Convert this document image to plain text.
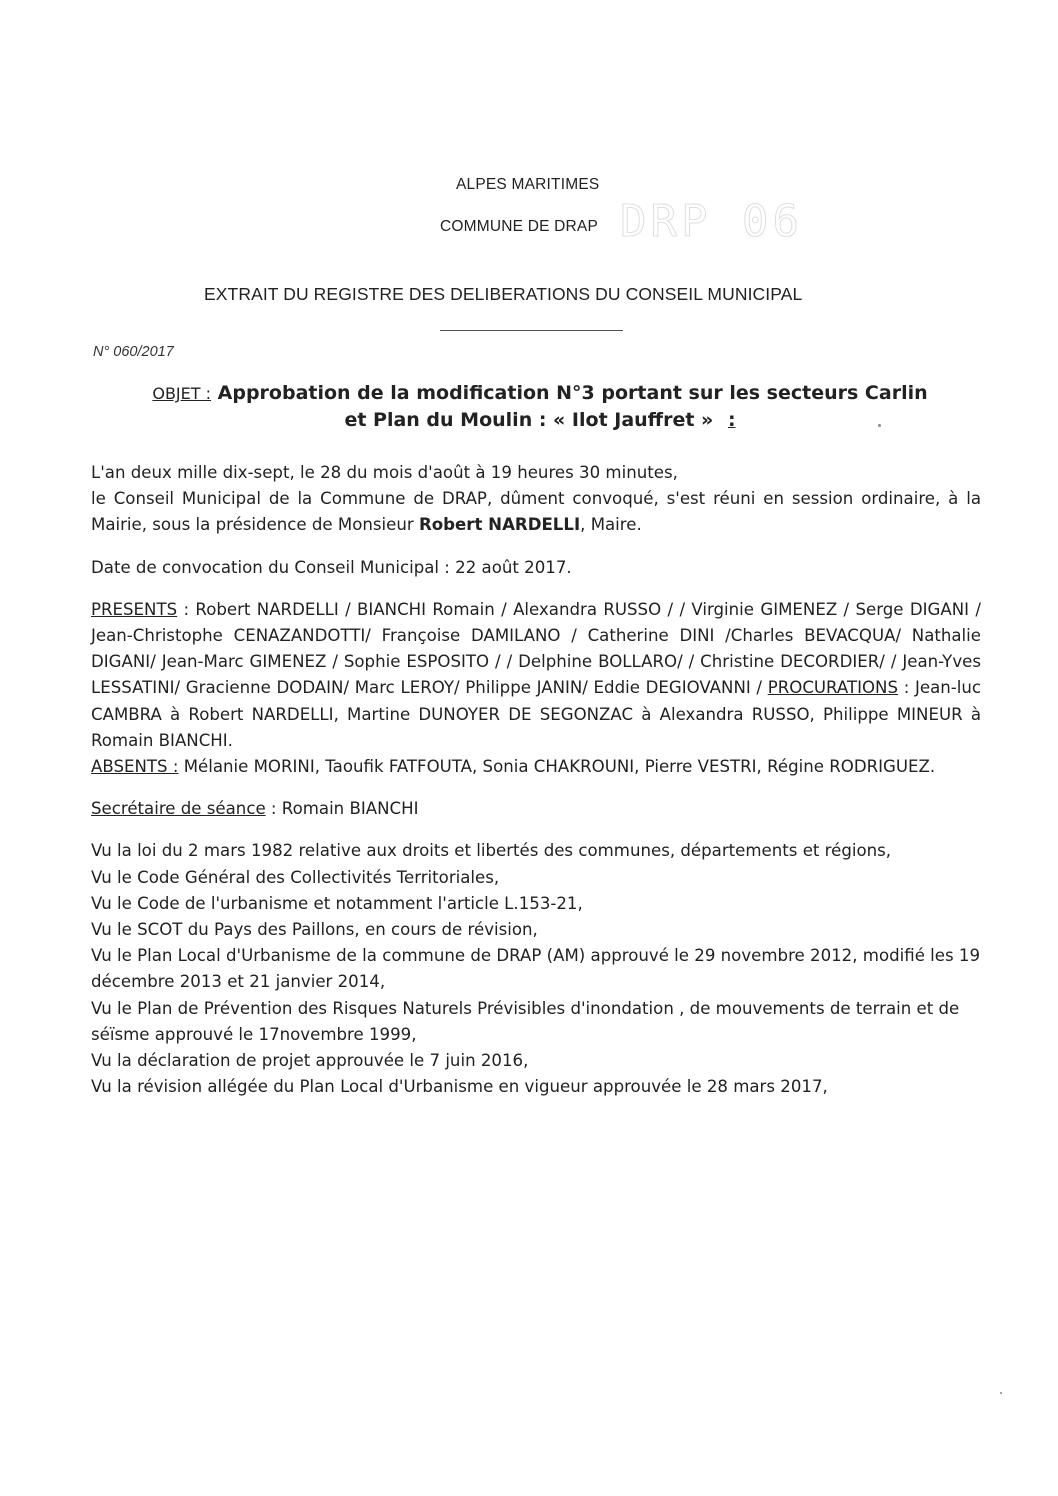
ALPES MARITIMES
COMMUNE DE DRAP DRP 06
EXTRAIT DU REGISTRE DES DELIBERATIONS DU CONSEIL MUNICIPAL
N° 060/2017
OBJET : Approbation de la modification N°3 portant sur les secteurs Carlin
et Plan du Moulin : « Ilot Jauffret » :

L'an deux mille dix-sept, le 28 du mois d'août à 19 heures 30 minutes,

le Conseil Municipal de la Commune de DRAP, dûment convoqué, s'est réuni en session ordinaire, à la Mairie, sous la présidence de Monsieur Robert NARDELLI, Maire.

Date de convocation du Conseil Municipal : 22 août 2017.

PRESENTS : Robert NARDELLI / BIANCHI Romain / Alexandra RUSSO / / Virginie GIMENEZ / Serge DIGANI / Jean-Christophe CENAZANDOTTI/ Françoise DAMILANO / Catherine DINI /Charles BEVACQUA/ Nathalie DIGANI/ Jean-Marc GIMENEZ / Sophie ESPOSITO / / Delphine BOLLARO/ / Christine DECORDIER/ / Jean-Yves LESSATINI/ Gracienne DODAIN/ Marc LEROY/ Philippe JANIN/ Eddie DEGIOVANNI / PROCURATIONS : Jean-luc CAMBRA à Robert NARDELLI, Martine DUNOYER DE SEGONZAC à Alexandra RUSSO, Philippe MINEUR à Romain BIANCHI.
ABSENTS : Mélanie MORINI, Taoufik FATFOUTA, Sonia CHAKROUNI, Pierre VESTRI, Régine RODRIGUEZ.

Secrétaire de séance : Romain BIANCHI

Vu la loi du 2 mars 1982 relative aux droits et libertés des communes, départements et régions,

Vu le Code Général des Collectivités Territoriales,

Vu le Code de l'urbanisme et notamment l'article L.153-21,

Vu le SCOT du Pays des Paillons, en cours de révision,

Vu le Plan Local d'Urbanisme de la commune de DRAP (AM) approuvé le 29 novembre 2012, modifié les 19 décembre 2013 et 21 janvier 2014,

Vu le Plan de Prévention des Risques Naturels Prévisibles d'inondation , de mouvements de terrain et de séïsme approuvé le 17novembre 1999,

Vu la déclaration de projet approuvée le 7 juin 2016,

Vu la révision allégée du Plan Local d'Urbanisme en vigueur approuvée le 28 mars 2017,
